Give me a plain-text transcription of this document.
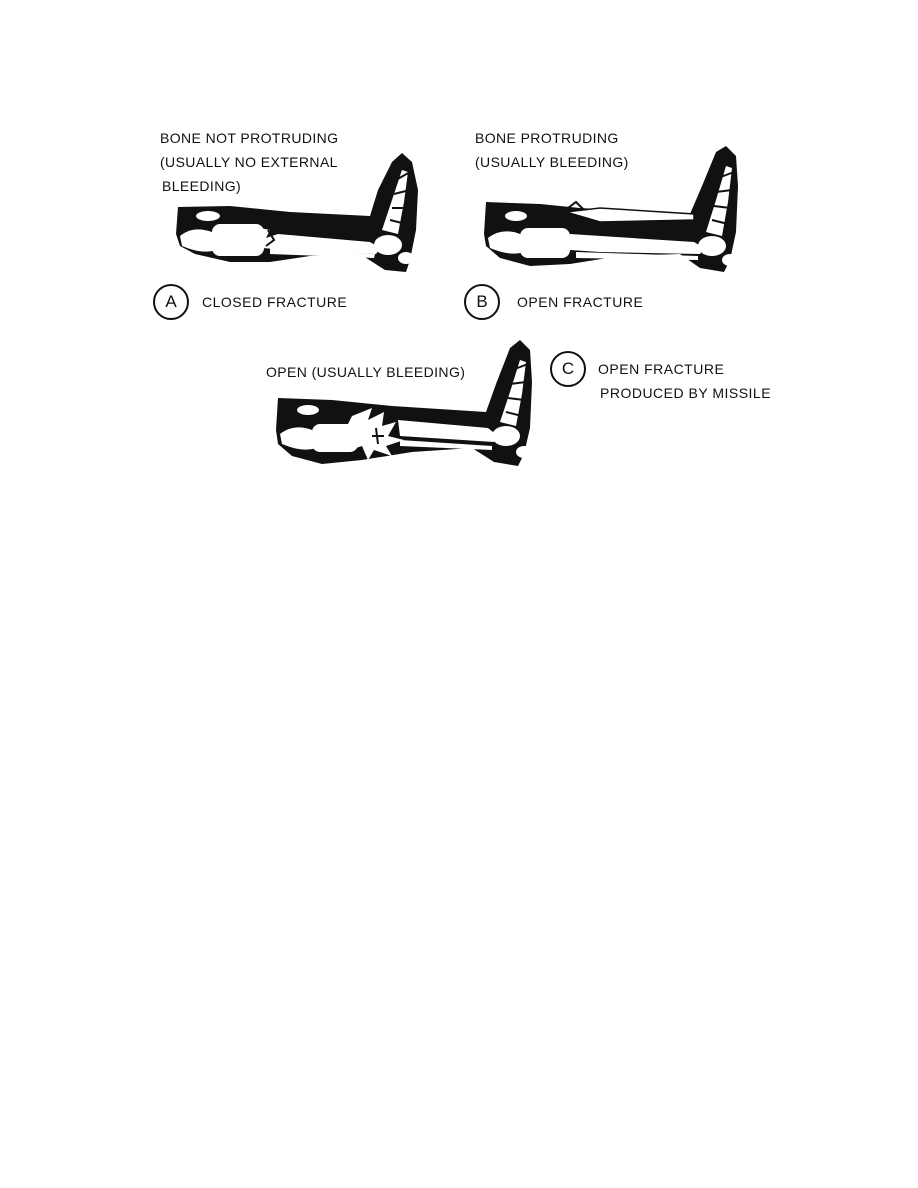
BONE NOT PROTRUDING
(USUALLY NO EXTERNAL
BLEEDING)
A	CLOSED FRACTURE
BONE PROTRUDING
(USUALLY BLEEDING)
B	OPEN FRACTURE
OPEN (USUALLY BLEEDING)	C	OPEN FRACTURE
PRODUCED BY MISSILE
